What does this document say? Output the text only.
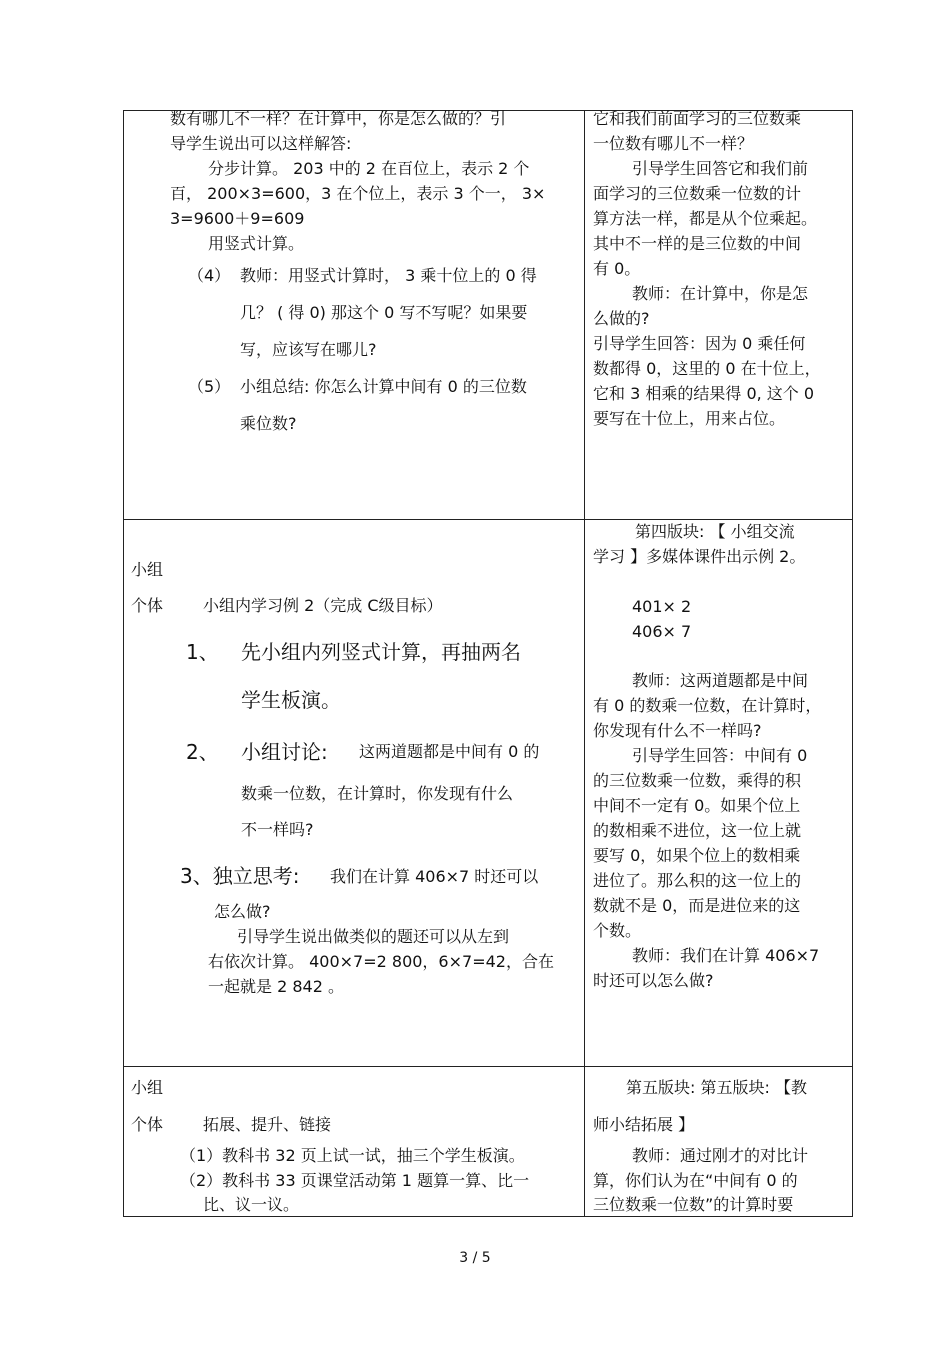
数有哪儿不一样？在计算中，你是怎么做的？引
导学生说出可以这样解答:
分步计算。 203 中的 2 在百位上，表示 2 个
百， 200×3=600，3 在个位上，表示 3 个一， 3×
3=9600＋9=609
用竖式计算。
（4） 教师：用竖式计算时， 3 乘十位上的 0 得
几？ ( 得 0) 那这个 0 写不写呢？如果要
写，应该写在哪儿?
（5） 小组总结: 你怎么计算中间有 0 的三位数
乘位数?
它和我们前面学习的三位数乘
一位数有哪儿不一样？
引导学生回答它和我们前
面学习的三位数乘一位数的计
算方法一样，都是从个位乘起。
其中不一样的是三位数的中间
有 0。
教师：在计算中，你是怎
么做的?
引导学生回答：因为 0 乘任何
数都得 0，这里的 0 在十位上，
它和 3 相乘的结果得 0, 这个 0
要写在十位上，用来占位。
小组
个体 小组内学习例 2（完成 C级目标）
1、 先小组内列竖式计算，再抽两名
学生板演。
2、 小组讨论: 这两道题都是中间有 0 的
数乘一位数，在计算时，你发现有什么
不一样吗?
3、独立思考: 我们在计算 406×7 时还可以
怎么做?
引导学生说出做类似的题还可以从左到
右依次计算。 400×7=2 800，6×7=42，合在
一起就是 2 842 。
第四版块: 【 小组交流
学习 】多媒体课件出示例 2。
401× 2
406× 7
教师：这两道题都是中间
有 0 的数乘一位数，在计算时，
你发现有什么不一样吗?
引导学生回答：中间有 0
的三位数乘一位数，乘得的积
中间不一定有 0。如果个位上
的数相乘不进位，这一位上就
要写 0，如果个位上的数相乘
进位了。那么积的这一位上的
数就不是 0，而是进位来的这
个数。
教师：我们在计算 406×7
时还可以怎么做?
小组
个体 拓展、提升、链接
（1）教科书 32 页上试一试，抽三个学生板演。
（2）教科书 33 页课堂活动第 1 题算一算、比一
比、议一议。
第五版块: 第五版块: 【教
师小结拓展 】
教师：通过刚才的对比计
算，你们认为在“中间有 0 的
三位数乘一位数”的计算时要
3 / 5
